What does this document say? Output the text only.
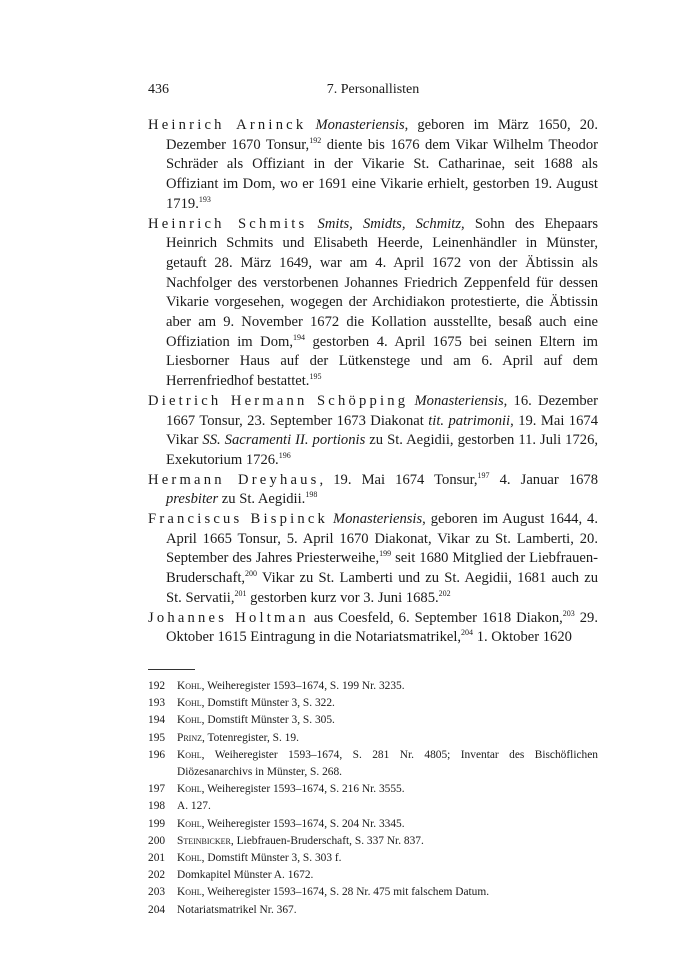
436	7. Personallisten

Heinrich Arninck Monasteriensis, geboren im März 1650, 20. Dezember 1670 Tonsur,$^{192}$ diente bis 1676 dem Vikar Wilhelm Theodor Schräder als Offiziant in der Vikarie St. Catharinae, seit 1688 als Offiziant im Dom, wo er 1691 eine Vikarie erhielt, gestorben 19. August 1719.$^{193}$

Heinrich Schmits Smits, Smidts, Schmitz, Sohn des Ehepaars Heinrich Schmits und Elisabeth Heerde, Leinenhändler in Münster, getauft 28. März 1649, war am 4. April 1672 von der Äbtissin als Nachfolger des verstorbenen Johannes Friedrich Zeppenfeld für dessen Vikarie vorgesehen, wogegen der Archidiakon protestierte, die Äbtissin aber am 9. November 1672 die Kollation ausstellte, besaß auch eine Offiziation im Dom,$^{194}$ gestorben 4. April 1675 bei seinen Eltern im Liesborner Haus auf der Lütkenstege und am 6. April auf dem Herrenfriedhof bestattet.$^{195}$

Dietrich Hermann Schöpping Monasteriensis, 16. Dezember 1667 Tonsur, 23. September 1673 Diakonat tit. patrimonii, 19. Mai 1674 Vikar SS. Sacramenti II. portionis zu St. Aegidii, gestorben 11. Juli 1726, Exekutorium 1726.$^{196}$

Hermann Dreyhaus, 19. Mai 1674 Tonsur,$^{197}$ 4. Januar 1678 presbiter zu St. Aegidii.$^{198}$

Franciscus Bispinck Monasteriensis, geboren im August 1644, 4. April 1665 Tonsur, 5. April 1670 Diakonat, Vikar zu St. Lamberti, 20. September des Jahres Priesterweihe,$^{199}$ seit 1680 Mitglied der Liebfrauen-Bruderschaft,$^{200}$ Vikar zu St. Lamberti und zu St. Aegidii, 1681 auch zu St. Servatii,$^{201}$ gestorben kurz vor 3. Juni 1685.$^{202}$

Johannes Holtman aus Coesfeld, 6. September 1618 Diakon,$^{203}$ 29. Oktober 1615 Eintragung in die Notariatsmatrikel,$^{204}$ 1. Oktober 1620

192	Kohl, Weiheregister 1593–1674, S. 199 Nr. 3235.
193	Kohl, Domstift Münster 3, S. 322.
194	Kohl, Domstift Münster 3, S. 305.
195	Prinz, Totenregister, S. 19.
196	Kohl, Weiheregister 1593–1674, S. 281 Nr. 4805; Inventar des Bischöflichen Diözesanarchivs in Münster, S. 268.
197	Kohl, Weiheregister 1593–1674, S. 216 Nr. 3555.
198	A. 127.
199	Kohl, Weiheregister 1593–1674, S. 204 Nr. 3345.
200	Steinbicker, Liebfrauen-Bruderschaft, S. 337 Nr. 837.
201	Kohl, Domstift Münster 3, S. 303 f.
202	Domkapitel Münster A. 1672.
203	Kohl, Weiheregister 1593–1674, S. 28 Nr. 475 mit falschem Datum.
204	Notariatsmatrikel Nr. 367.
